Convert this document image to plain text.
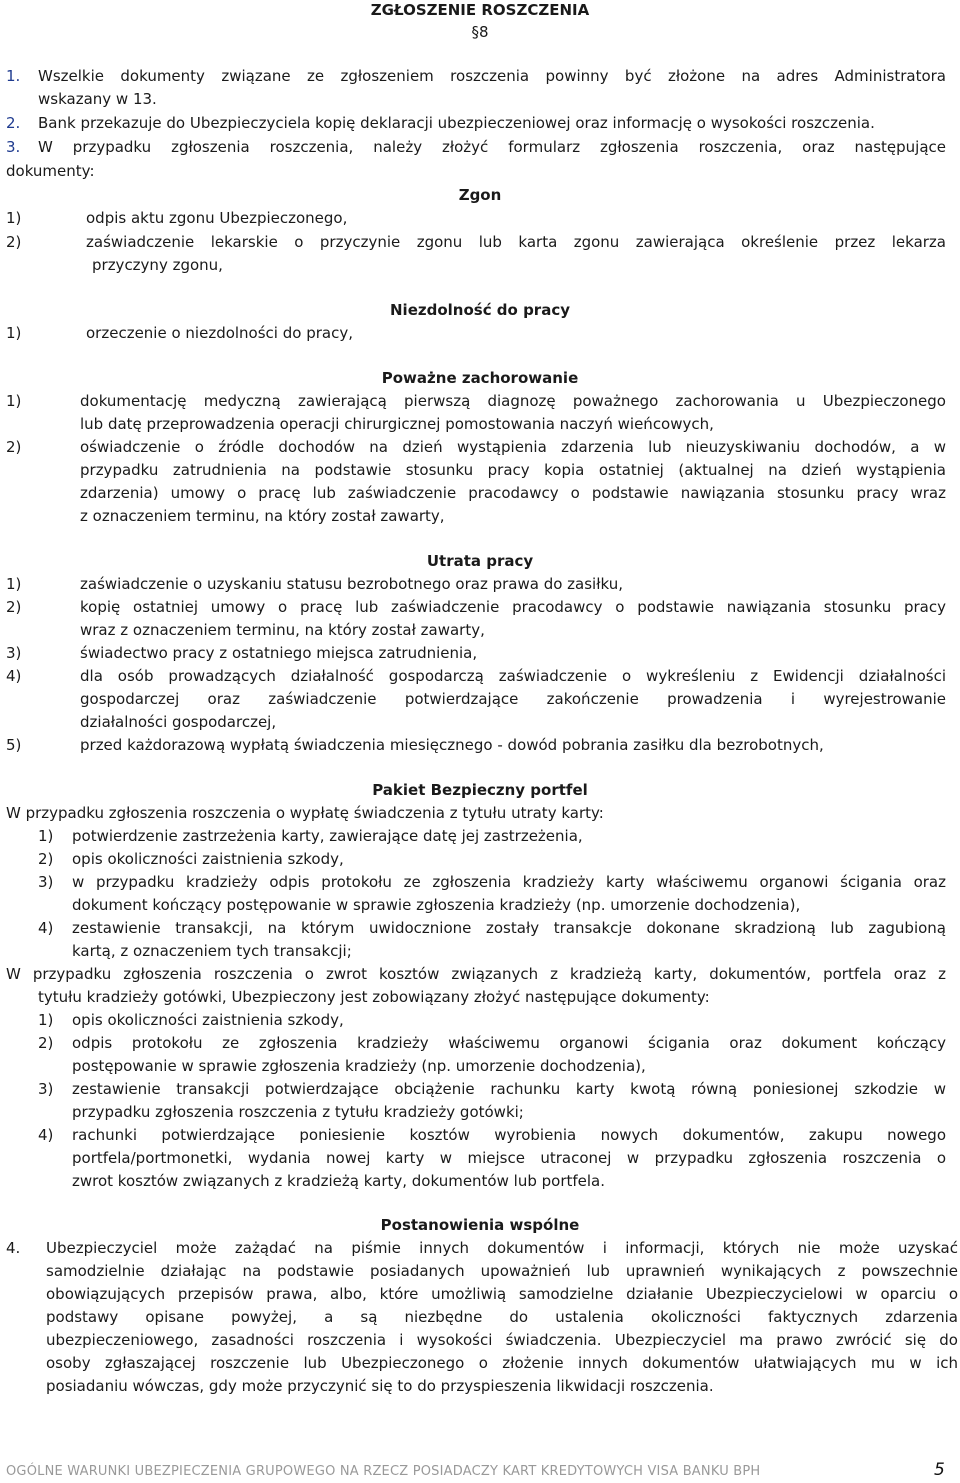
ZGŁOSZENIE ROSZCZENIA
§8
1. Wszelkie dokumenty związane ze zgłoszeniem roszczenia powinny być złożone na adres Administratora
wskazany w 13.
2. Bank przekazuje do Ubezpieczyciela kopię deklaracji ubezpieczeniowej oraz informację o wysokości roszczenia.
3. W przypadku zgłoszenia roszczenia, należy złożyć formularz zgłoszenia roszczenia, oraz następujące
dokumenty:
Zgon
1)	odpis aktu zgonu Ubezpieczonego,
2)	zaświadczenie lekarskie o przyczynie zgonu lub karta zgonu zawierająca określenie przez lekarza
przyczyny zgonu,
Niezdolność do pracy
1)	orzeczenie o niezdolności do pracy,
Poważne zachorowanie
1)	dokumentację medyczną zawierającą pierwszą diagnozę poważnego zachorowania u Ubezpieczonego
lub datę przeprowadzenia operacji chirurgicznej pomostowania naczyń wieńcowych,
2)	oświadczenie o źródle dochodów na dzień wystąpienia zdarzenia lub nieuzyskiwaniu dochodów, a w
przypadku zatrudnienia na podstawie stosunku pracy kopia ostatniej (aktualnej na dzień wystąpienia
zdarzenia) umowy o pracę lub zaświadczenie pracodawcy o podstawie nawiązania stosunku pracy wraz
z oznaczeniem terminu, na który został zawarty,
Utrata pracy
1)	zaświadczenie o uzyskaniu statusu bezrobotnego oraz prawa do zasiłku,
2)	kopię ostatniej umowy o pracę lub zaświadczenie pracodawcy o podstawie nawiązania stosunku pracy
wraz z oznaczeniem terminu, na który został zawarty,
3)	świadectwo pracy z ostatniego miejsca zatrudnienia,
4)	dla osób prowadzących działalność gospodarczą zaświadczenie o wykreśleniu z Ewidencji działalności
gospodarczej oraz zaświadczenie potwierdzające zakończenie prowadzenia i wyrejestrowanie
działalności gospodarczej,
5)	przed każdorazową wypłatą świadczenia miesięcznego - dowód pobrania zasiłku dla bezrobotnych,
Pakiet Bezpieczny portfel
W przypadku zgłoszenia roszczenia o wypłatę świadczenia z tytułu utraty karty:
1) potwierdzenie zastrzeżenia karty, zawierające datę jej zastrzeżenia,
2) opis okoliczności zaistnienia szkody,
3) w przypadku kradzieży odpis protokołu ze zgłoszenia kradzieży karty właściwemu organowi ścigania oraz
dokument kończący postępowanie w sprawie zgłoszenia kradzieży (np. umorzenie dochodzenia),
4) zestawienie transakcji, na którym uwidocznione zostały transakcje dokonane skradzioną lub zagubioną
kartą, z oznaczeniem tych transakcji;
W przypadku zgłoszenia roszczenia o zwrot kosztów związanych z kradzieżą karty, dokumentów, portfela oraz z
tytułu kradzieży gotówki, Ubezpieczony jest zobowiązany złożyć następujące dokumenty:
1) opis okoliczności zaistnienia szkody,
2) odpis protokołu ze zgłoszenia kradzieży właściwemu organowi ścigania oraz dokument kończący
postępowanie w sprawie zgłoszenia kradzieży (np. umorzenie dochodzenia),
3) zestawienie transakcji potwierdzające obciążenie rachunku karty kwotą równą poniesionej szkodzie w
przypadku zgłoszenia roszczenia z tytułu kradzieży gotówki;
4) rachunki potwierdzające poniesienie kosztów wyrobienia nowych dokumentów, zakupu nowego
portfela/portmonetki, wydania nowej karty w miejsce utraconej w przypadku zgłoszenia roszczenia o
zwrot kosztów związanych z kradzieżą karty, dokumentów lub portfela.
Postanowienia wspólne
4. Ubezpieczyciel może zażądać na piśmie innych dokumentów i informacji, których nie może uzyskać
samodzielnie działając na podstawie posiadanych upoważnień lub uprawnień wynikających z powszechnie
obowiązujących przepisów prawa, albo, które umożliwią samodzielne działanie Ubezpieczycielowi w oparciu o
podstawy opisane powyżej, a są niezbędne do ustalenia okoliczności faktycznych zdarzenia
ubezpieczeniowego, zasadności roszczenia i wysokości świadczenia. Ubezpieczyciel ma prawo zwrócić się do
osoby zgłaszającej roszczenie lub Ubezpieczonego o złożenie innych dokumentów ułatwiających mu w ich
posiadaniu wówczas, gdy może przyczynić się to do przyspieszenia likwidacji roszczenia.
OGÓLNE WARUNKI UBEZPIECZENIA GRUPOWEGO NA RZECZ POSIADACZY KART KREDYTOWYCH VISA BANKU BPH	5
